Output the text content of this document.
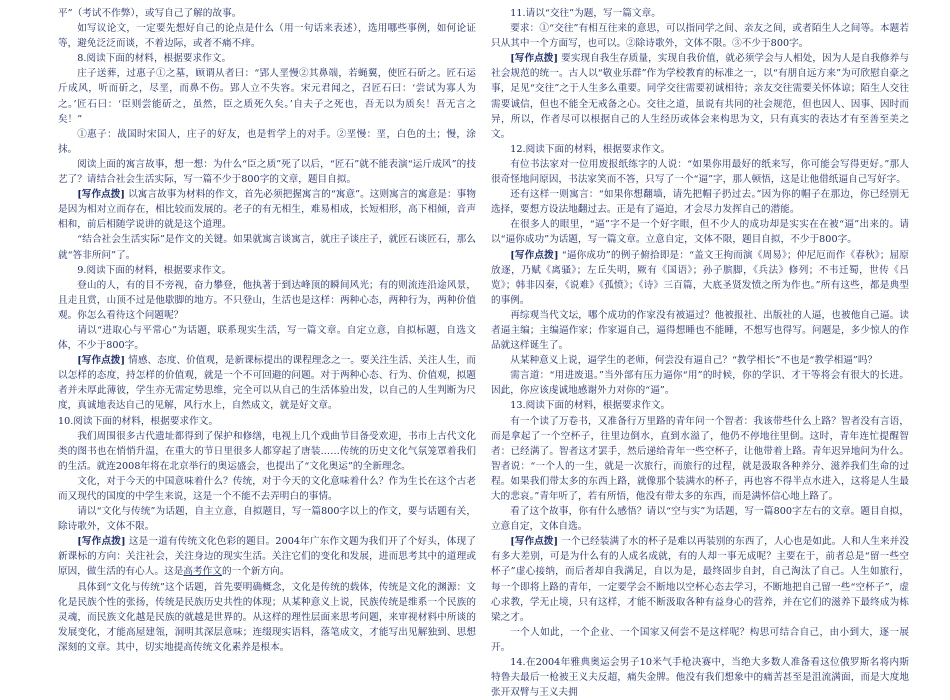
平”（考试不作弊），或写自己了解的故事。

如写议论文，一定要先想好自己的论点是什么（用一句话来表述），选用哪些事例，如何论证等，避免泛泛而谈，不着边际，或者不痛不痒。

8.阅读下面的材料，根据要求作文。

庄子送葬，过惠子①之墓，顾谓从者曰：“郢人垩慢②其鼻端，若蝇翼，使匠石斫之。匠石运斤成风，听而斫之，尽垩，而鼻不伤。郢人立不失容。宋元君闻之，召匠石曰：‘尝试为寡人为之。’匠石曰：‘臣则尝能斫之，虽然，臣之质死久矣。’自夫子之死也，吾无以为质矣！吾无言之矣！”

①惠子：战国时宋国人，庄子的好友，也是哲学上的对手。②垩慢：垩，白色的土；慢，涂抹。

阅读上面的寓言故事，想一想：为什么“臣之质”死了以后，“匠石”就不能表演“运斤成风”的技艺了？请结合社会生活实际，写一篇不少于800字的文章，题目自拟。

[写作点拨] 以寓言故事为材料的作文，首先必须把握寓言的“寓意”。这则寓言的寓意是：事物是因为相对立而存在，相比较而发展的。老子的有无相生，难易相成，长短相形，高下相倾，音声相和，前后相随学说讲的就是这个道理。

“结合社会生活实际”是作文的关键。如果就寓言谈寓言，就庄子谈庄子，就匠石谈匠石，那么就“答非所问”了。

9.阅读下面的材料，根据要求作文。

登山的人，有的目不旁视，奋力攀登，他执著于到达峰顶的瞬间风光；有的则流连沿途风景，且走且赏，山顶不过是他歇脚的地方。不只登山，生活也是这样：两种心态，两种行为，两种价值观。你怎么看待这个问题呢？

请以“进取心与平常心”为话题，联系现实生活，写一篇文章。自定立意，自拟标题，自选文体，不少于800字。

[写作点拨] 情感、态度、价值观，是新课标提出的课程理念之一。要关注生活、关注人生，而以怎样的态度，持怎样的价值观，就是一个不可回避的问题。对于两种心态、行为、价值观，拟题者并未厚此薄彼，学生亦无需定势思维，完全可以从自己的生活体验出发，以自己的人生判断为尺度，真诚地表达自己的见解，风行水上，自然成文，就是好文章。

10.阅读下面的材料，根据要求作文。

我们周围很多古代遗址都得到了保护和修缮，电视上几个戏曲节目备受欢迎，书市上古代文化类的图书也在悄悄升温，在重大的节日里很多人都穿起了唐装……传统的历史文化气氛笼罩着我们的生活。就连2008年将在北京举行的奥运盛会，也提出了“文化奥运”的全新理念。

文化，对于今天的中国意味着什么？传统，对于今天的文化意味着什么？作为生长在这个古老而又现代的国度的中学生来说，这是一个不能不去弄明白的事情。

请以“文化与传统”为话题，自主立意，自拟题目，写一篇800字以上的作文，要与话题有关，除诗歌外，文体不限。

[写作点拨] 这是一道有传统文化色彩的题目。2004年广东作文题为我们开了个好头，体现了新课标的方向：关注社会，关注身边的现实生活。关注它们的变化和发展，进而思考其中的道理或原因，做生活的有心人。这是高考作文的一个新方向。

具体到“文化与传统”这个话题，首先要明确概念，文化是传统的载体，传统是文化的渊源：文化是民族个性的张扬，传统是民族历史共性的体现；从某种意义上说，民族传统是维系一个民族的灵魂，而民族文化越是民族的就越是世界的。从这样的理性层面来思考问题，来审视材料中所谈的发展变化，才能高屋建瓴，洞明其深层意味；连缀现实语料，落笔成文，才能写出见解独到、思想深刻的文章。其中，切实地提高传统文化素养是根本。

11.请以“交往”为题，写一篇文章。

要求：①“交往”有相互往来的意思，可以指同学之间、亲友之间，或者陌生人之间等。本题若只从其中一个方面写，也可以。②除诗歌外，文体不限。③不少于800字。

[写作点拨] 要实现自我生存质量，实现自我价值，就必须学会与人相处，因为人是自我修养与社会规范的统一。古人以“敬业乐群”作为学校教育的标准之一，以“有朋自远方来”为可欣慰自豪之事，足见“交往”之于人生多么重要。同学交往需要初诚相待；亲友交往需要关怀体谅；陌生人交往需要诚信，但也不能全无戒备之心。交往之道，虽说有共同的社会规范，但也因人、因事、因时而异，所以，作者尽可以根据自己的人生经历或体会来构思为文，只有真实的表达才有至善至美之文。

12.阅读下面的材料，根据要求作文。

有位书法家对一位用废报纸练字的人说：“如果你用最好的纸来写，你可能会写得更好。”那人很奇怪地问原因，书法家笑而不答，只写了一个“逼”字，那人顿悟，这是让他借纸逼自己写好字。

还有这样一则寓言：“如果你想翻墙，请先把帽子扔过去。”因为你的帽子在那边，你已经别无选择，要想方设法地翻过去。正是有了逼迫，才会尽力发挥自己的潜能。

在很多人的眼里，“逼”字不是一个好字眼，但不少人的成功却是实实在在被“逼”出来的。请以“逼你成功”为话题，写一篇文章。立意自定，文体不限，题目自拟，不少于800字。

[写作点拨] “逼你成功”的例子俯拾即是：“盖文王拘而演《周易》；仲尼厄而作《春秋》；屈原放逐，乃赋《离骚》；左丘失明，厥有《国语》；孙子膑脚，《兵法》修列；不韦迁蜀，世传《吕览》；韩非囚秦，《说难》《孤愤》；《诗》三百篇，大底圣贤发愤之所为作也。”所有这些，都是典型的事例。

再综观当代文坛，哪个成功的作家没有被逼过？他被报社、出版社的人逼，也被他自己逼。读者逼主编；主编逼作家；作家逼自己，逼得想睡也不能睡，不想写也得写。问题是，多少惊人的作品就这样诞生了。

从某种意义上说，逼学生的老师，何尝没有逼自己？“教学相长”不也是“教学相逼”吗？

需言道：“用进废退。”当外部有压力逼你“用”的时候，你的学识、才干等将会有很大的长进。因此，你应该虔诚地感谢外力对你的“逼”。

13.阅读下面的材料，根据要求作文。

有一个读了万卷书，又准备行万里路的青年问一个智者：我该带些什么上路？智者没有言语，而是拿起了一个空杯子，往里边倒水，直到水溢了，他仍不停地往里倒。这时，青年连忙提醒智者：已经满了。智者这才罢手，然后递给青年一些空杯子，让他带着上路。青年迟异地问为什么。智者说：“一个人的一生，就是一次旅行，而旅行的过程，就是汲取各种养分、滋养我们生命的过程。如果我们带太多的东西上路，就像那个装满水的杯子，再也容不得半点水进入，这将是人生最大的悲哀。”青年听了，若有所悟，他没有带太多的东西，而是满怀信心地上路了。

看了这个故事，你有什么感悟？请以“空与实”为话题，写一篇800字左右的文章。题目自拟，立意自定，文体自选。

[写作点拨] 一个已经装满了水的杯子是难以再装别的东西了，人心也是如此。人和人生来并没有多大差别，可是为什么有的人成名成就，有的人却一事无成呢？主要在于，前者总是“留一些空杯子”虚心接纳，而后者却自我满足，自以为是，最终固步自封，自己淘汰了自己。人生如旅行，每一个即将上路的青年，一定要学会不断地以空杯心态去学习，不断地把自己留一些“空杯子”，虚心求教，学无止境，只有这样，才能不断汲取各种有益身心的营养，并在它们的滋养下最终成为栋梁之才。

一个人如此，一个企业、一个国家又何尝不是这样呢？构思可结合自己，由小到大，逐一展开。

14.在2004年雅典奥运会男子10米气手枪决赛中，当绝大多数人准备看这位俄罗斯名将内斯特鲁夫最后一枪被王义夫反超，痛失金牌。他没有我们想象中的痛苦甚至是沮流满面，而是大度地张开双臂与王义夫拥
